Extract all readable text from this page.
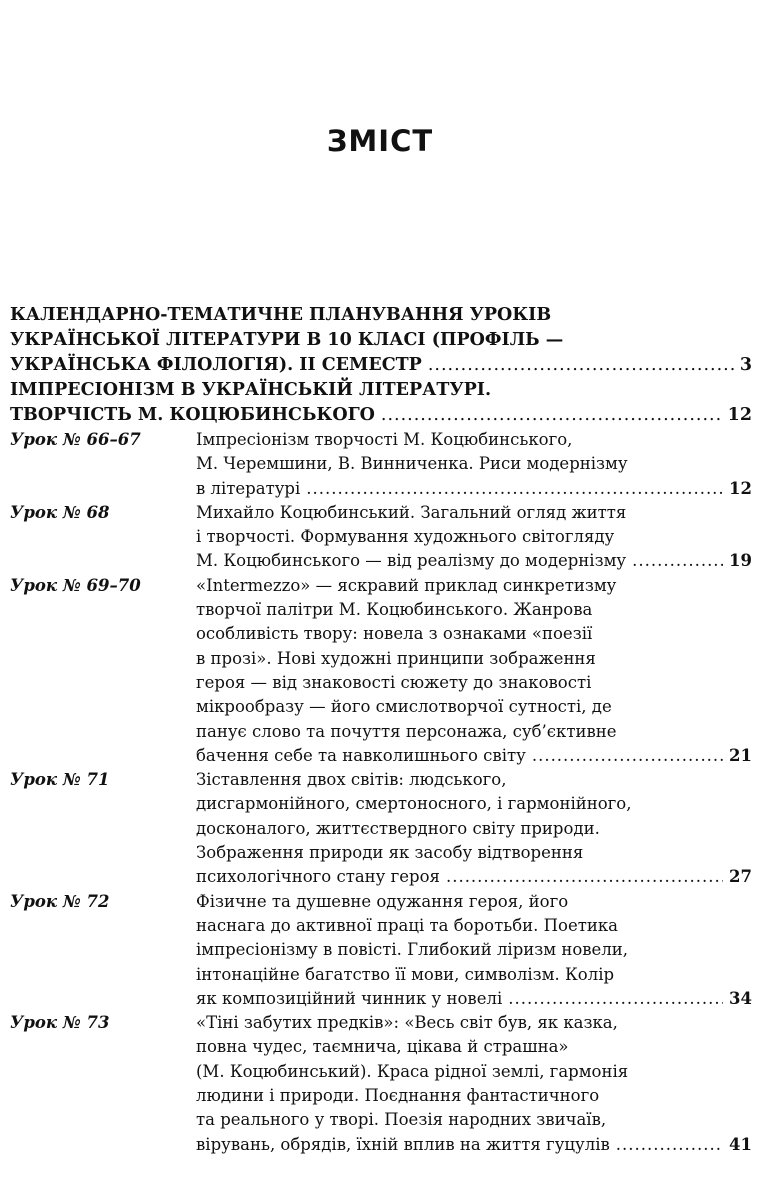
ЗМІСТ
КАЛЕНДАРНО-ТЕМАТИЧНЕ ПЛАНУВАННЯ УРОКІВ
УКРАЇНСЬКОЇ ЛІТЕРАТУРИ В 10 КЛАСІ (ПРОФІЛЬ —
УКРАЇНСЬКА ФІЛОЛОГІЯ). ІІ СЕМЕСТР .....	3
ІМПРЕСІОНІЗМ В УКРАЇНСЬКІЙ ЛІТЕРАТУРІ.
ТВОРЧІСТЬ М. КОЦЮБИНСЬКОГО .....	12
Урок № 66–67	Імпресіонізм творчості М. Коцюбинського,
М. Черемшини, В. Винниченка. Риси модернізму
в літературі .....	12
Урок № 68	Михайло Коцюбинський. Загальний огляд життя
і творчості. Формування художнього світогляду
М. Коцюбинського — від реалізму до модернізму .....	19
Урок № 69–70	«Intermezzo» — яскравий приклад синкретизму
творчої палітри М. Коцюбинського. Жанрова
особливість твору: новела з ознаками «поезії
в прозі». Нові художні принципи зображення
героя — від знаковості сюжету до знаковості
мікрообразу — його смислотворчої сутності, де
панує слово та почуття персонажа, суб’єктивне
бачення себе та навколишнього світу .....	21
Урок № 71	Зіставлення двох світів: людського,
дисгармонійного, смертоносного, і гармонійного,
досконалого, життєствердного світу природи.
Зображення природи як засобу відтворення
психологічного стану героя .....	27
Урок № 72	Фізичне та душевне одужання героя, його
наснага до активної праці та боротьби. Поетика
імпресіонізму в повісті. Глибокий ліризм новели,
інтонаційне багатство її мови, символізм. Колір
як композиційний чинник у новелі .....	34
Урок № 73	«Тіні забутих предків»: «Весь світ був, як казка,
повна чудес, таємнича, цікава й страшна»
(М. Коцюбинський). Краса рідної землі, гармонія
людини і природи. Поєднання фантастичного
та реального у творі. Поезія народних звичаїв,
вірувань, обрядів, їхній вплив на життя гуцулів .....	41
